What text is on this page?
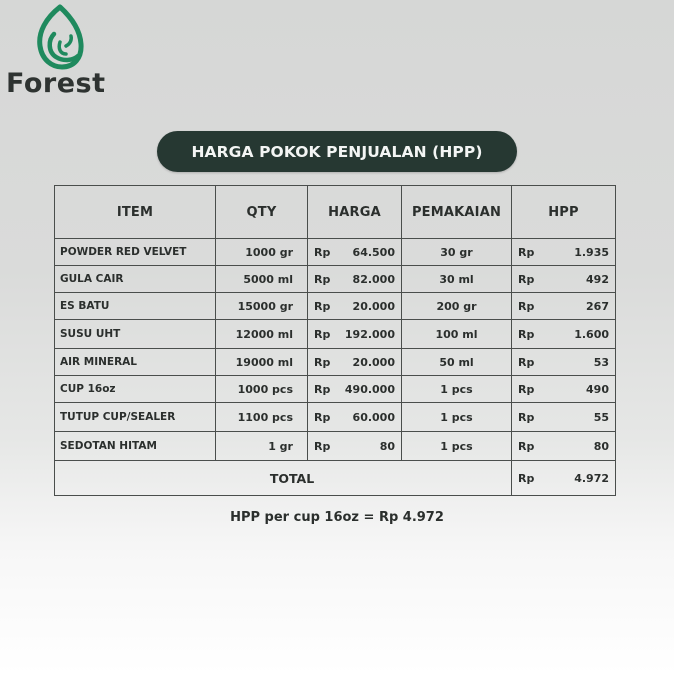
Forest
HARGA POKOK PENJUALAN (HPP)
ITEM	QTY	HARGA	PEMAKAIAN	HPP
POWDER RED VELVET	1000 gr	Rp 64.500	30 gr	Rp 1.935

GULA CAIR	5000 ml	Rp 82.000	30 ml	Rp 492

ES BATU	15000 gr	Rp 20.000	200 gr	Rp 267

SUSU UHT	12000 ml	Rp 192.000	100 ml	Rp 1.600

AIR MINERAL	19000 ml	Rp 20.000	50 ml	Rp 53

CUP 16oz	1000 pcs	Rp 490.000	1 pcs	Rp 490

TUTUP CUP/SEALER	1100 pcs	Rp 60.000	1 pcs	Rp 55

SEDOTAN HITAM	1 gr	Rp 80	1 pcs	Rp 80

TOTAL				Rp 4.972
HPP per cup 16oz = Rp 4.972
